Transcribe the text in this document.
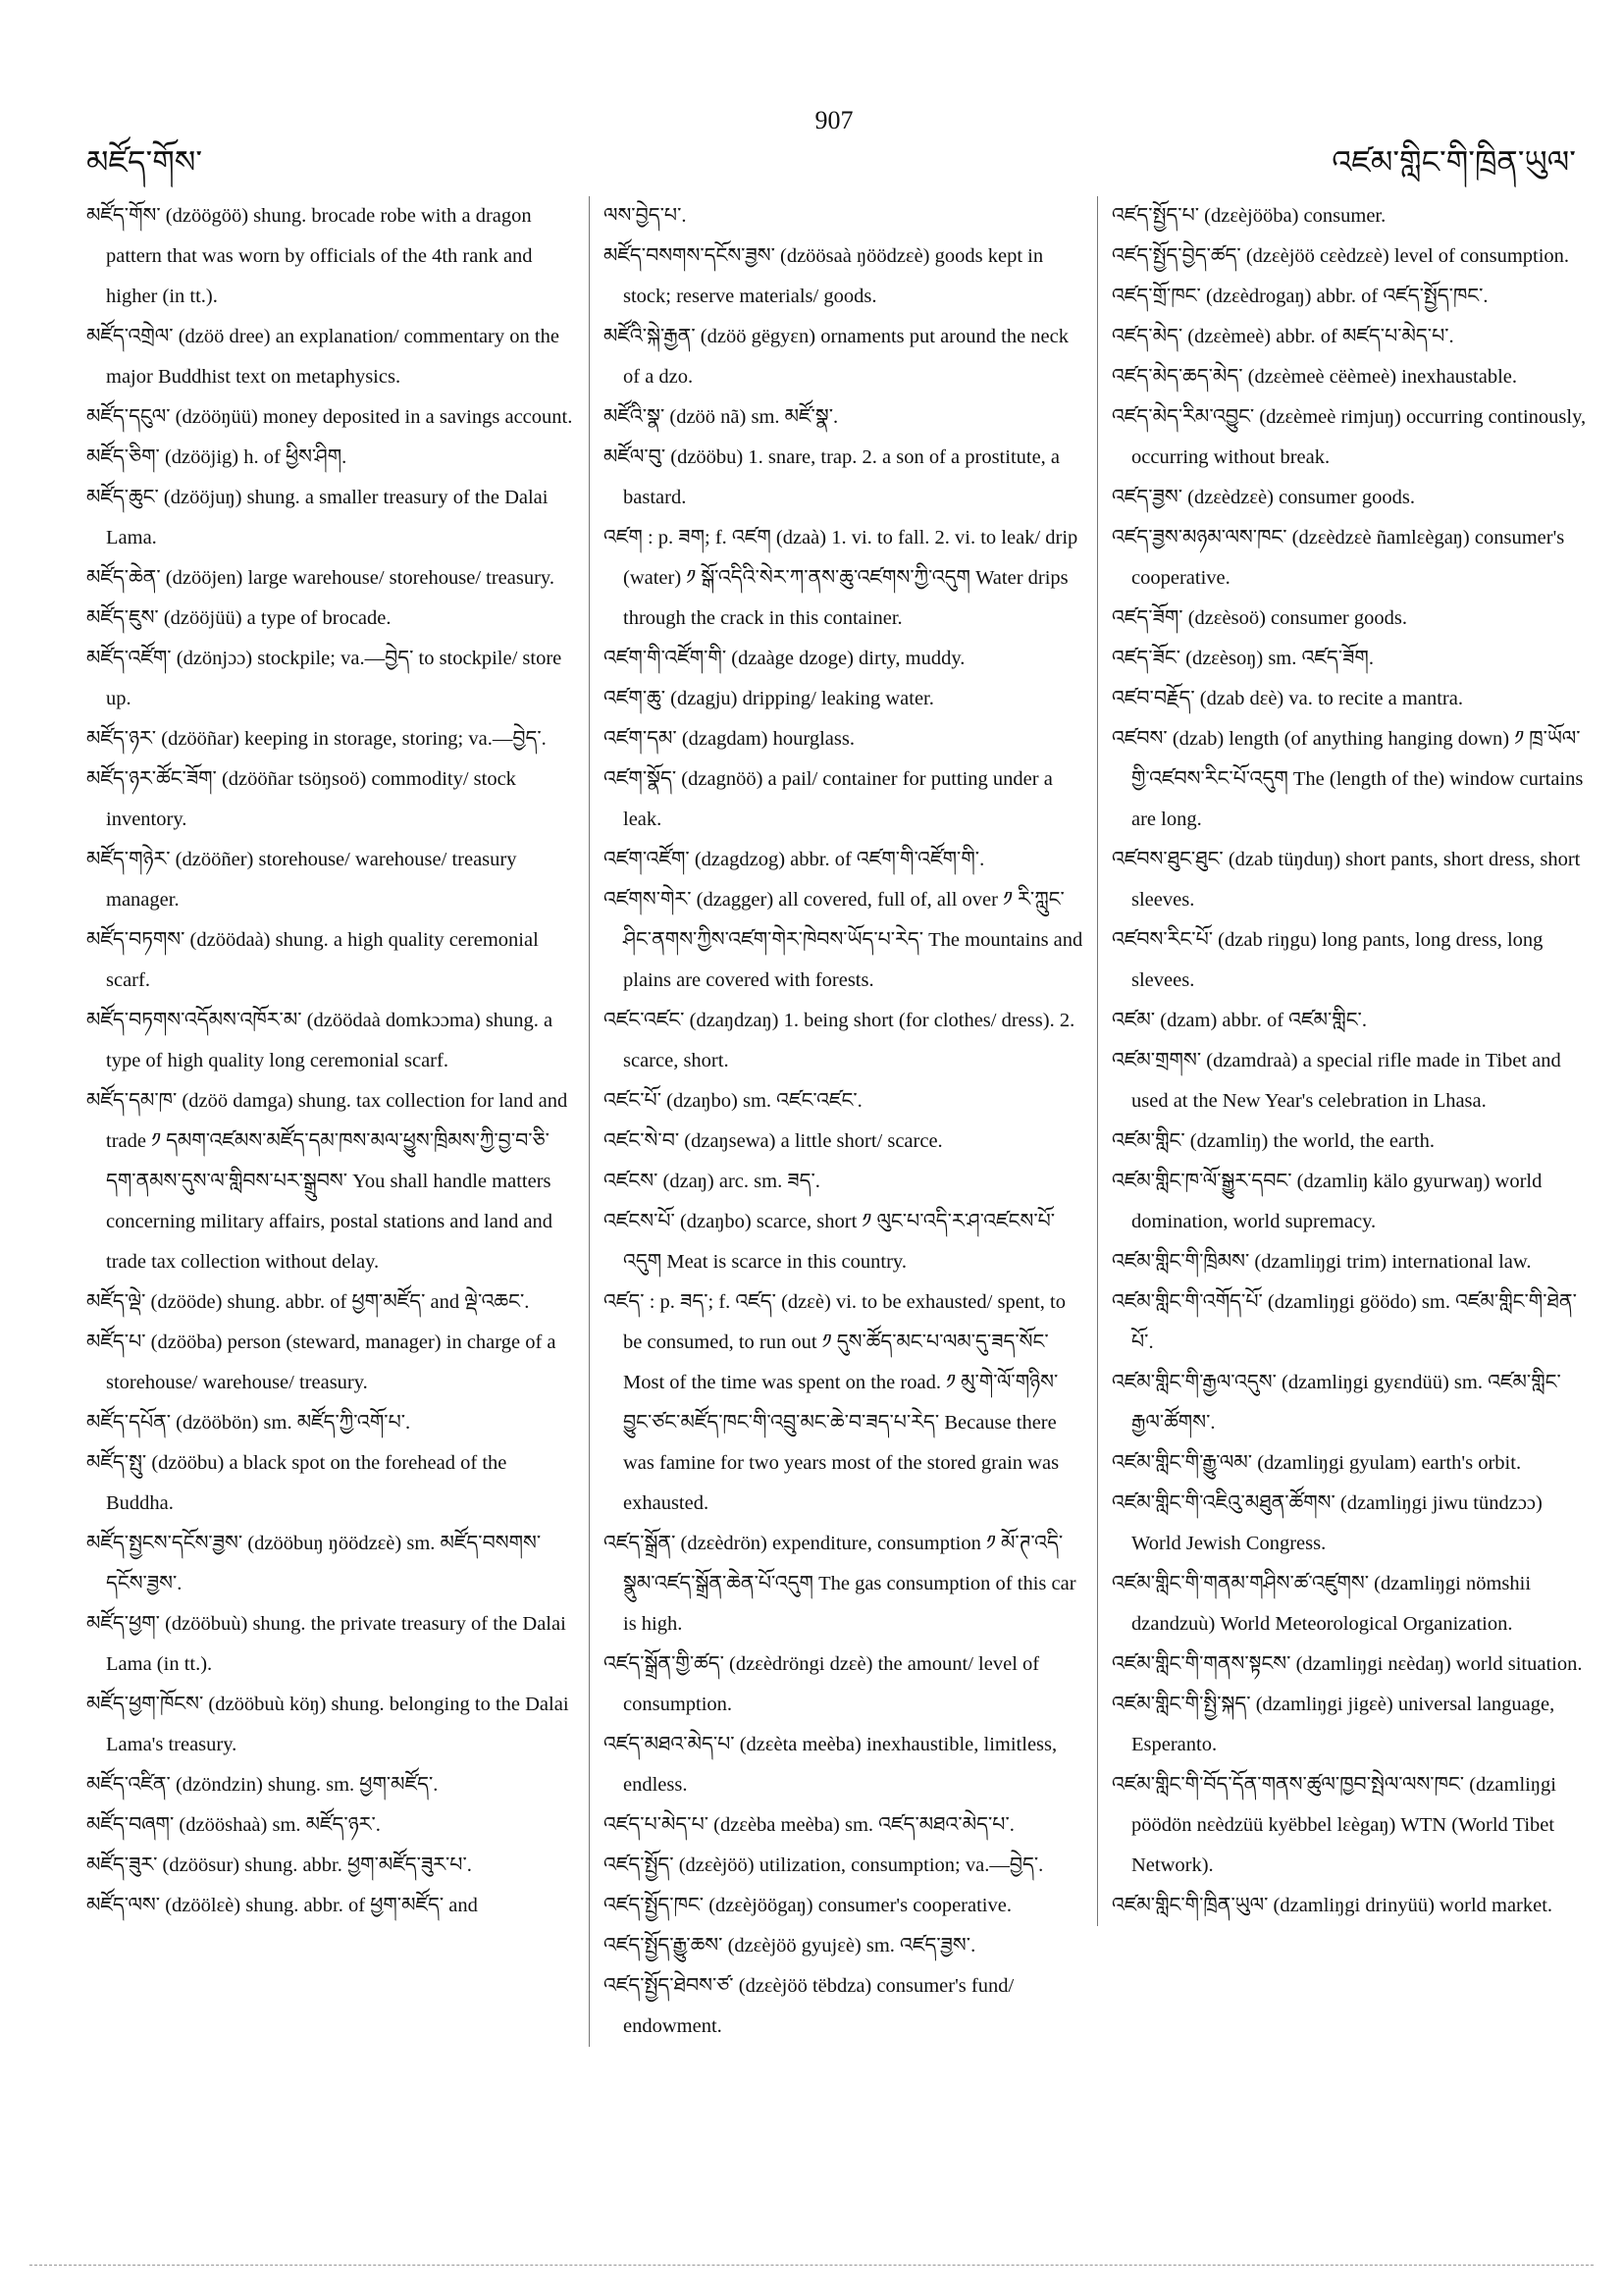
མཛོད་གོས་
907
འཛམ་གླིང་གི་ཁྲིན་ཡུལ་
མཛོད་གོས་ (dzöögöö) shung. brocade robe with a dragon pattern that was worn by officials of the 4th rank and higher (in tt.).
མཛོད་འགྲེལ་ (dzöö dree) an explanation/ commentary on the major Buddhist text on metaphysics.
མཛོད་དངུལ་ (dzööŋüü) money deposited in a savings account.
མཛོད་ཅིག་ (dzööjig) h. of ཕྱིས་ཤིག.
མཛོད་ཆུང་ (dzööjuŋ) shung. a smaller treasury of the Dalai Lama.
མཛོད་ཆེན་ (dzööjen) large warehouse/ storehouse/ treasury.
མཛོད་ཇུས་ (dzööjüü) a type of brocade.
མཛོད་འཛོག་ (dzönjɔɔ) stockpile; va.—བྱེད་ to stockpile/ store up.
མཛོད་ཉར་ (dzööñar) keeping in storage, storing; va.—བྱེད་.
མཛོད་ཉར་ཚོང་ཟོག་ (dzööñar tsöŋsoö) commodity/ stock inventory.
མཛོད་གཉེར་ (dzööñer) storehouse/ warehouse/ treasury manager.
མཛོད་བཏགས་ (dzöödaà) shung. a high quality ceremonial scarf.
མཛོད་བཏགས་འདོམས་འཁོར་མ་ (dzöödaà domkɔɔma) shung. a type of high quality long ceremonial scarf.
མཛོད་དམ་ཁ་ (dzöö damga) shung. tax collection for land and trade ༡ དམག་འཛམས་མཛོད་དམ་ཁས་མལ་ཕྱུས་ཁྲིམས་ཀྱི་བྱ་བ་ཅི་དག་ནམས་དུས་ལ་གླིབས་པར་སྒྲུབས་ You shall handle matters concerning military affairs, postal stations and land and trade tax collection without delay.
མཛོད་ལྡེ་ (dzööde) shung. abbr. of ཕྱག་མཛོད་ and ལྡེ་འཆང་.
མཛོད་པ་ (dzööba) person (steward, manager) in charge of a storehouse/ warehouse/ treasury.
མཛོད་དཔོན་ (dzööbön) sm. མཛོད་ཀྱི་འགོ་པ་.
མཛོད་སྤུ་ (dzööbu) a black spot on the forehead of the Buddha.
མཛོད་སྤྱངས་དངོས་ཟྱས་ (dzööbuŋ ŋöödzεè) sm. མཛོད་བསགས་དངོས་ཟྱས་.
མཛོད་ཕྱག་ (dzööbuù) shung. the private treasury of the Dalai Lama (in tt.).
མཛོད་ཕྱག་ཁོངས་ (dzööbuù köŋ) shung. belonging to the Dalai Lama's treasury.
མཛོད་འཛིན་ (dzöndzin) shung. sm. ཕྱག་མཛོད་.
མཛོད་བཞག་ (dzööshaà) sm. མཛོད་ཉར་.
མཛོད་ཟུར་ (dzöösur) shung. abbr. ཕྱག་མཛོད་ཟུར་པ་.
མཛོད་ལས་ (dzöölεè) shung. abbr. of ཕྱག་མཛོད་ and
ལས་བྱེད་པ་.
མཛོད་བསགས་དངོས་ཟྱས་ (dzöösaà ŋöödzεè) goods kept in stock; reserve materials/ goods.
མཛོའི་སྐེ་རྒྱན་ (dzöö gëgyεn) ornaments put around the neck of a dzo.
མཛོའི་སྣ་ (dzöö nã) sm. མཛོ་སྣ་.
མཛོལ་བུ་ (dzööbu) 1. snare, trap. 2. a son of a prostitute, a bastard.
འཛག : p. ཟག; f. འཛག (dzaà) 1. vi. to fall. 2. vi. to leak/ drip (water) ༡ སྒོ་འདིའི་སེར་ཀ་ནས་ཆུ་འཛགས་ཀྱི་འདུག Water drips through the crack in this container.
འཛག་གི་འཛོག་གི་ (dzaàge dzoge) dirty, muddy.
འཛག་ཆུ་ (dzagju) dripping/ leaking water.
འཛག་དམ་ (dzagdam) hourglass.
འཛག་སྣོད་ (dzagnöö) a pail/ container for putting under a leak.
འཛག་འཛོག་ (dzagdzog) abbr. of འཛག་གི་འཛོག་གི་.
འཛགས་གེར་ (dzagger) all covered, full of, all over ༡ རི་ཀླུང་ཤིང་ནགས་ཀྱིས་འཛག་གེར་ཁེབས་ཡོད་པ་རེད་ The mountains and plains are covered with forests.
འཛང་འཛང་ (dzaŋdzaŋ) 1. being short (for clothes/ dress). 2. scarce, short.
འཛང་པོ་ (dzaŋbo) sm. འཛང་འཛང་.
འཛང་སེ་བ་ (dzaŋsewa) a little short/ scarce.
འཛངས་ (dzaŋ) arc. sm. ཟད་.
འཛངས་པོ་ (dzaŋbo) scarce, short ༡ ལུང་པ་འདི་ར་ཤ་འཛངས་པོ་འདུག Meat is scarce in this country.
འཛད་ : p. ཟད་; f. འཛད་ (dzεè) vi. to be exhausted/ spent, to be consumed, to run out ༡ དུས་ཚོད་མང་པ་ལམ་དུ་ཟད་སོང་ Most of the time was spent on the road. ༡ མུ་གེ་ལོ་གཉིས་བྱུང་ཙང་མཛོད་ཁང་གི་འབྲུ་མང་ཆེ་བ་ཟད་པ་རེད་ Because there was famine for two years most of the stored grain was exhausted.
འཛད་སྒྲོན་ (dzεèdrön) expenditure, consumption ༡ མོ་ཊ་འདི་སྣུམ་འཛད་སྒྲོན་ཆེན་པོ་འདུག The gas consumption of this car is high.
འཛད་སྒྲོན་གྱི་ཚད་ (dzεèdröngi dzεè) the amount/ level of consumption.
འཛད་མཐའ་མེད་པ་ (dzεèta meèba) inexhaustible, limitless, endless.
འཛད་པ་མེད་པ་ (dzεèba meèba) sm. འཛད་མཐའ་མེད་པ་.
འཛད་སྤྱོད་ (dzεèjöö) utilization, consumption; va.—བྱེད་.
འཛད་སྤྱོད་ཁང་ (dzεèjöögaŋ) consumer's cooperative.
འཛད་སྤྱོད་རྒྱུ་ཆས་ (dzεèjöö gyujεè) sm. འཛད་ཟྱས་.
འཛད་སྤྱོད་ཐེབས་ཙ་ (dzεèjöö tëbdza) consumer's fund/ endowment.
འཛད་སྤྱོད་པ་ (dzεèjööba) consumer.
འཛད་སྤྱོད་བྱེད་ཚད་ (dzεèjöö cεèdzεè) level of consumption.
འཛད་གྲོ་ཁང་ (dzεèdrogaŋ) abbr. of འཛད་སྤྱོད་ཁང་.
འཛད་མེད་ (dzεèmeè) abbr. of མཛད་པ་མེད་པ་.
འཛད་མེད་ཆད་མེད་ (dzεèmeè cëèmeè) inexhaustable.
འཛད་མེད་རིམ་འབྱུང་ (dzεèmeè rimjuŋ) occurring continously, occurring without break.
འཛད་ཟྱས་ (dzεèdzεè) consumer goods.
འཛད་ཟྱས་མཉམ་ལས་ཁང་ (dzεèdzεè ñamlεègaŋ) consumer's cooperative.
འཛད་ཟོག་ (dzεèsoö) consumer goods.
འཛད་ཟོང་ (dzεèsoŋ) sm. འཛད་ཟོག.
འཛབ་བརྗོད་ (dzab dεè) va. to recite a mantra.
འཛབས་ (dzab) length (of anything hanging down) ༡ ཁྲ་ཡོལ་གྱི་འཛབས་རིང་པོ་འདུག The (length of the) window curtains are long.
འཛབས་ཐུང་ཐུང་ (dzab tüŋduŋ) short pants, short dress, short sleeves.
འཛབས་རིང་པོ་ (dzab riŋgu) long pants, long dress, long slevees.
འཛམ་ (dzam) abbr. of འཛམ་གླིང་.
འཛམ་གྲགས་ (dzamdraà) a special rifle made in Tibet and used at the New Year's celebration in Lhasa.
འཛམ་གླིང་ (dzamliŋ) the world, the earth.
འཛམ་གླིང་ཁ་ལོ་སྒྱུར་དབང་ (dzamliŋ kälo gyurwaŋ) world domination, world supremacy.
འཛམ་གླིང་གི་ཁྲིམས་ (dzamliŋgi trim) international law.
འཛམ་གླིང་གི་འགོད་པོ་ (dzamliŋgi göödo) sm. འཛམ་གླིང་གི་ཐེན་པོ་.
འཛམ་གླིང་གི་རྒྱལ་འདུས་ (dzamliŋgi gyεndüü) sm. འཛམ་གླིང་རྒྱལ་ཚོགས་.
འཛམ་གླིང་གི་རྒྱུ་ལམ་ (dzamliŋgi gyulam) earth's orbit.
འཛམ་གླིང་གི་འཇིའུ་མཐུན་ཚོགས་ (dzamliŋgi jiwu tündzɔɔ) World Jewish Congress.
འཛམ་གླིང་གི་གནམ་གཤིས་ཚ་འཛུགས་ (dzamliŋgi nömshii dzandzuù) World Meteorological Organization.
འཛམ་གླིང་གི་གནས་སྟངས་ (dzamliŋgi nεèdaŋ) world situation.
འཛམ་གླིང་གི་སྤྱི་སྐད་ (dzamliŋgi jigεè) universal language, Esperanto.
འཛམ་གླིང་གི་བོད་དོན་གནས་ཚུལ་ཁྱབ་སྤེལ་ལས་ཁང་ (dzamliŋgi pöödön nεèdzüü kyëbbel lεègaŋ) WTN (World Tibet Network).
འཛམ་གླིང་གི་ཁྲིན་ཡུལ་ (dzamliŋgi drinyüü) world market.
